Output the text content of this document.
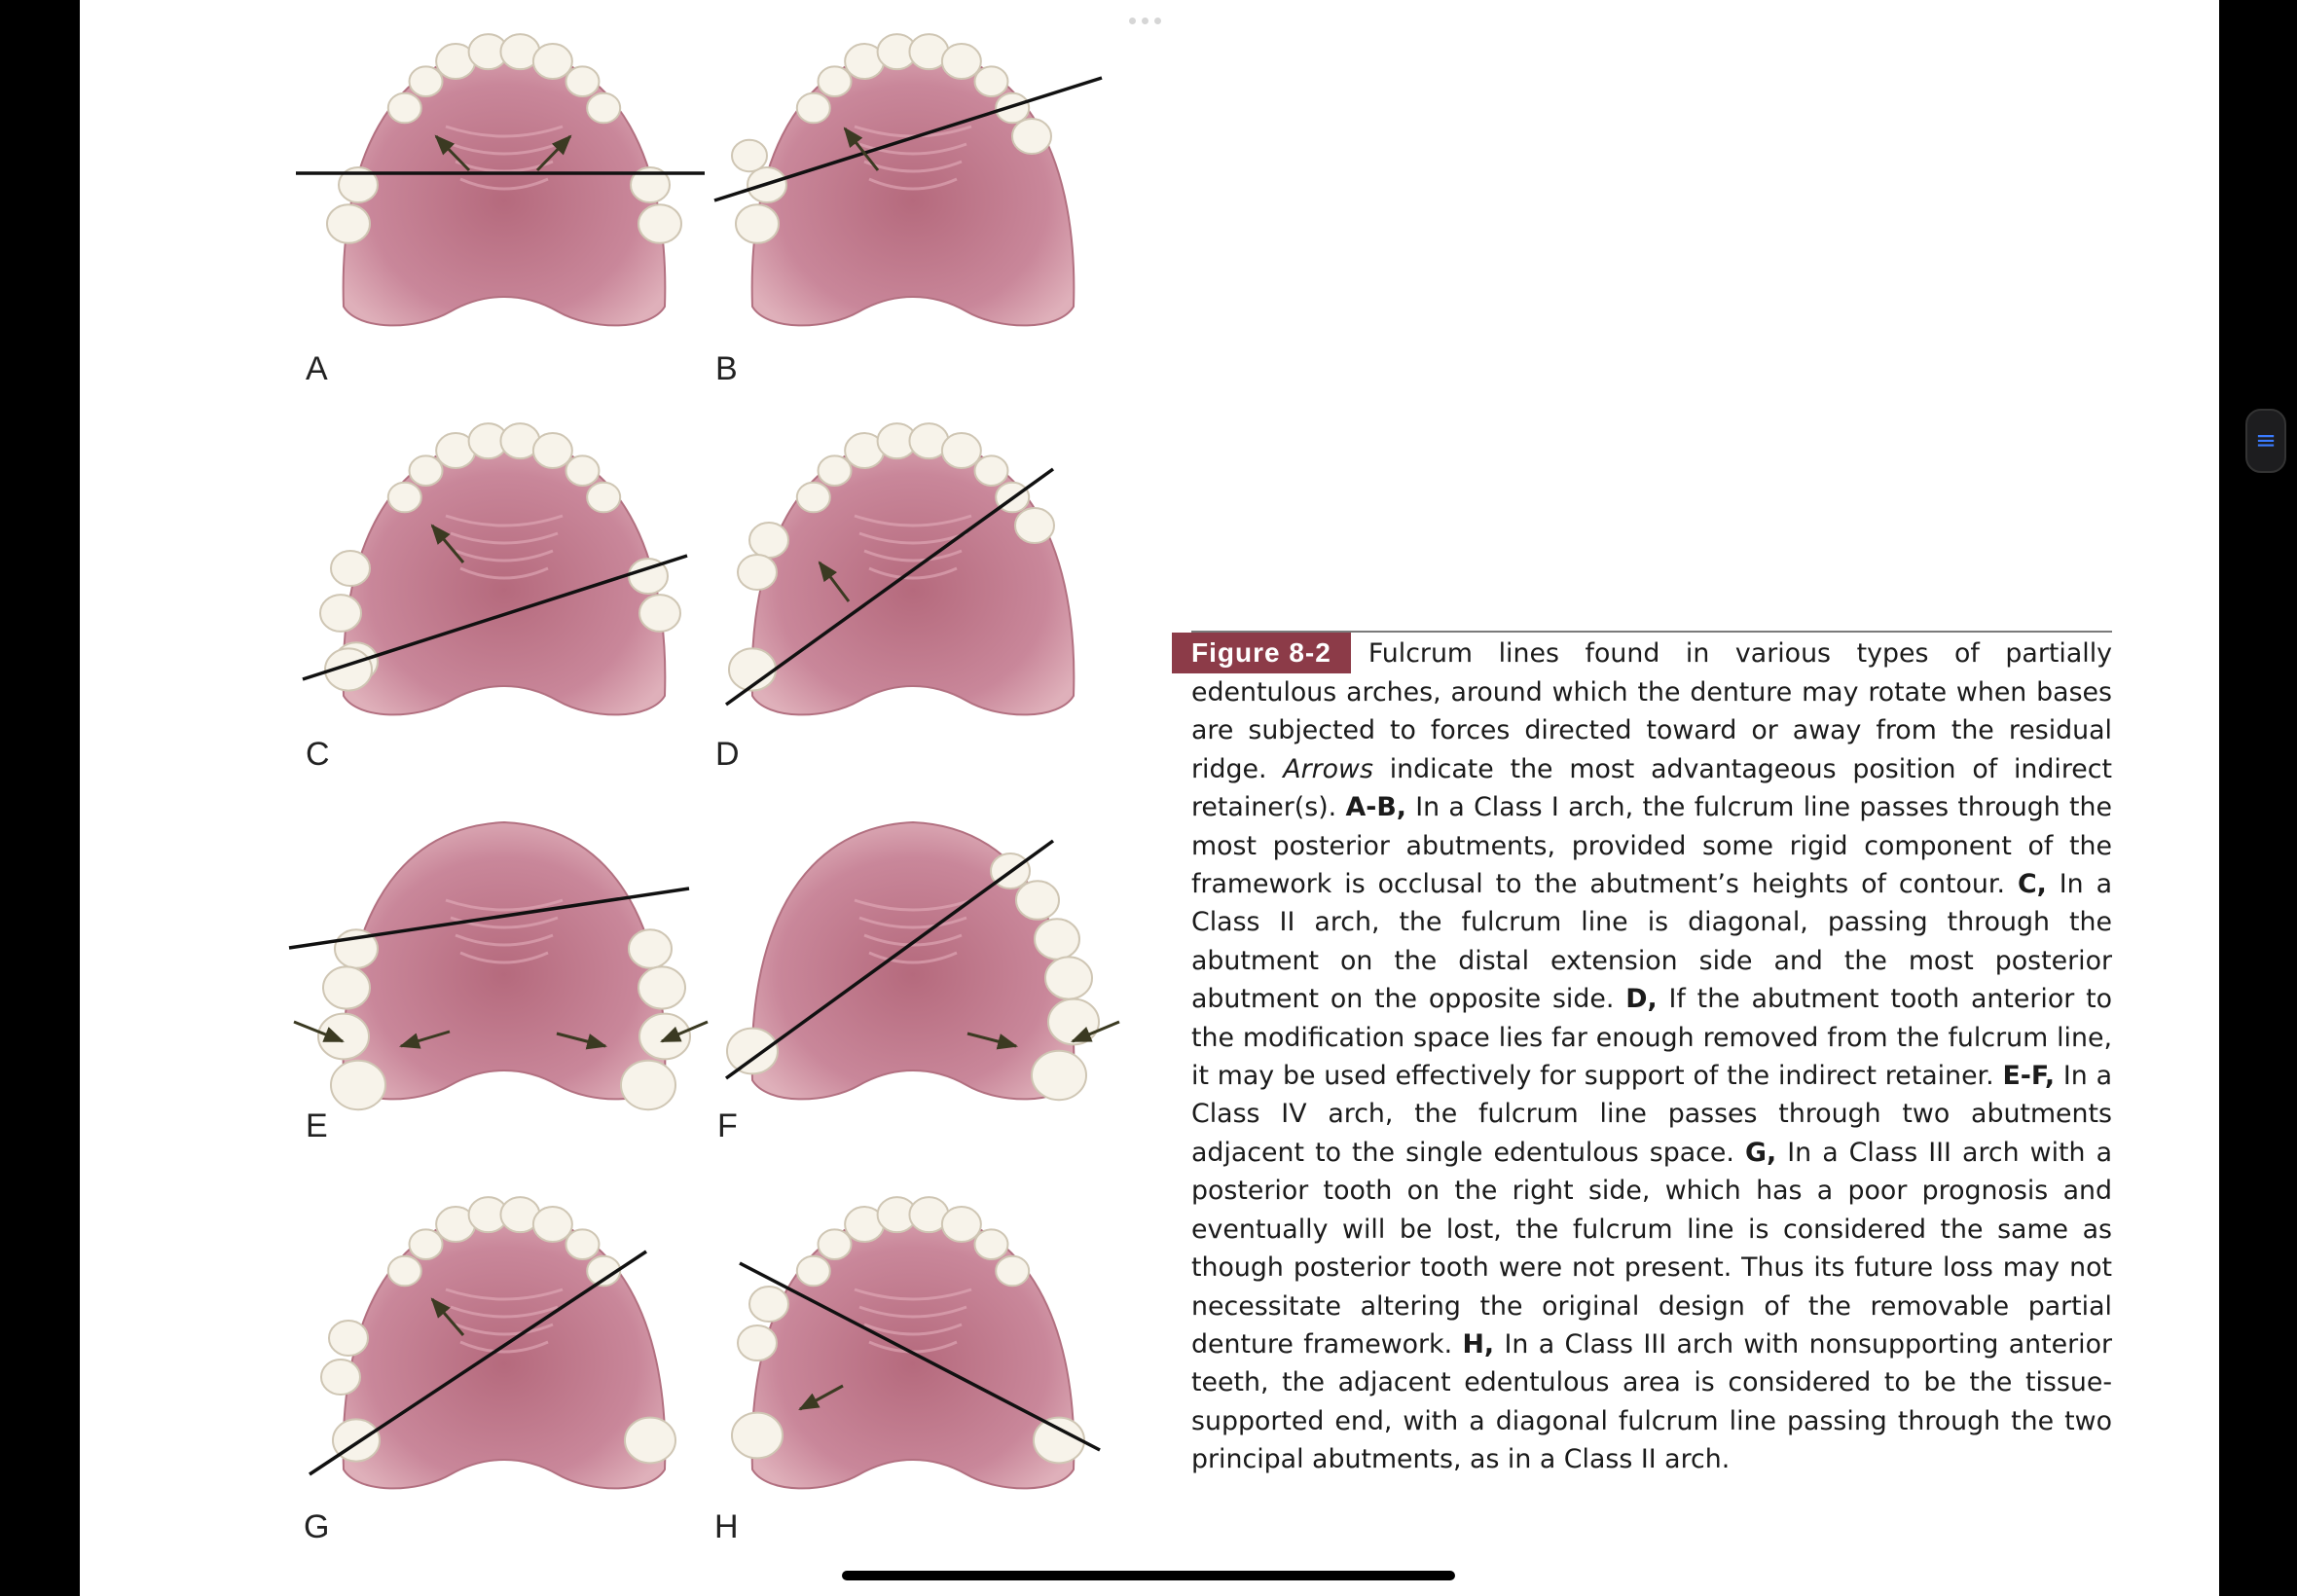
A	B
C	D
E	F
G	H
Figure 8-2 Fulcrum lines found in various types of partially edentulous arches, around which the denture may rotate when bases are subjected to forces directed toward or away from the residual ridge. Arrows indicate the most advantageous position of indirect retainer(s). A-B, In a Class I arch, the fulcrum line passes through the most posterior abutments, provided some rigid component of the framework is occlusal to the abutment’s heights of contour. C, In a Class II arch, the fulcrum line is diagonal, passing through the abutment on the distal extension side and the most posterior abutment on the opposite side. D, If the abutment tooth anterior to the modification space lies far enough removed from the fulcrum line, it may be used effectively for support of the indirect retainer. E-F, In a Class IV arch, the fulcrum line passes through two abutments adjacent to the single edentulous space. G, In a Class III arch with a posterior tooth on the right side, which has a poor prognosis and eventually will be lost, the fulcrum line is considered the same as though posterior tooth were not present. Thus its future loss may not necessitate altering the original design of the removable partial denture framework. H, In a Class III arch with nonsupporting anterior teeth, the adjacent edentulous area is considered to be the tissue-supported end, with a diagonal fulcrum line passing through the two principal abutments, as in a Class II arch.
≡
